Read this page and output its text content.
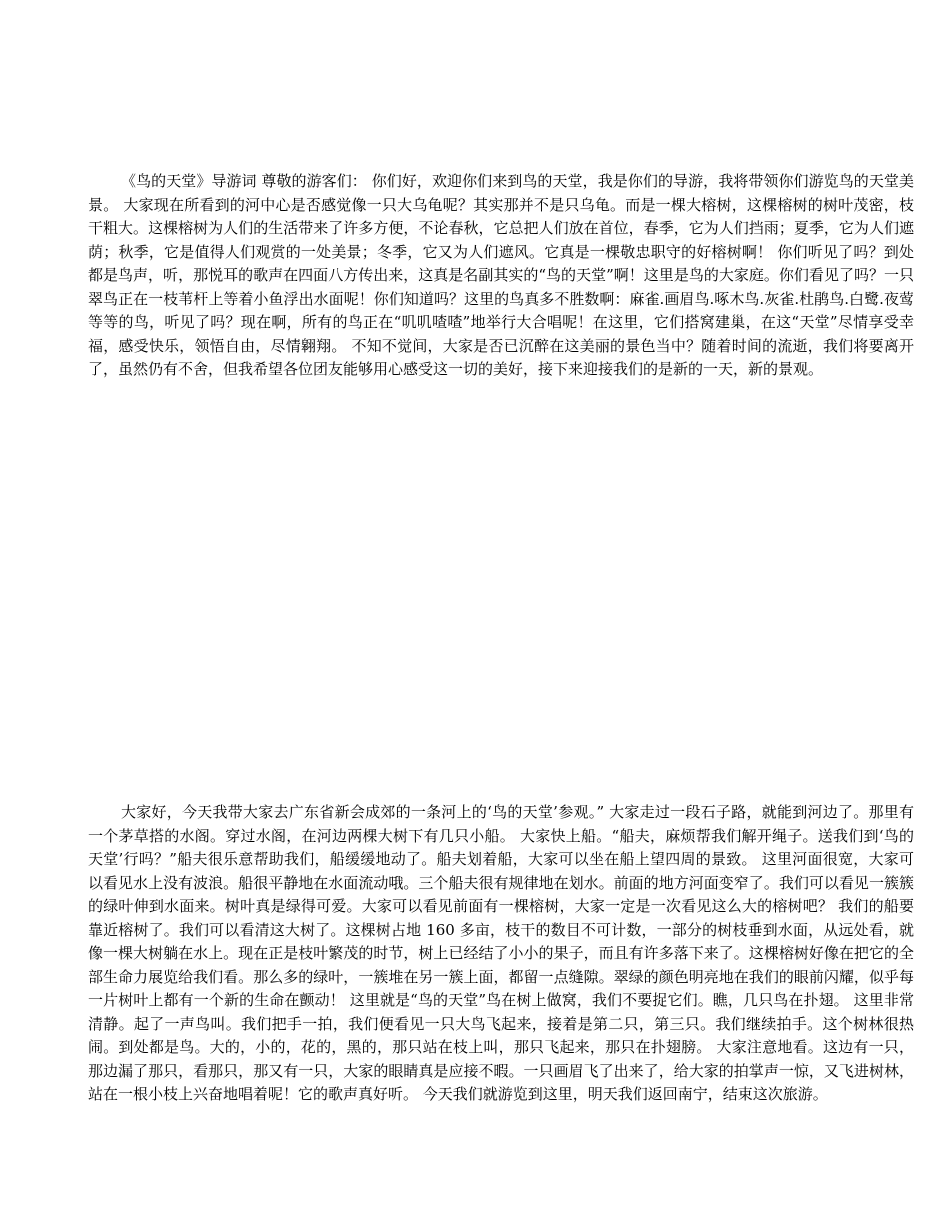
《鸟的天堂》导游词 尊敬的游客们： 你们好，欢迎你们来到鸟的天堂，我是你们的导游，我将带领你们游览鸟的天堂美景。 大家现在所看到的河中心是否感觉像一只大乌龟呢？其实那并不是只乌龟。而是一棵大榕树，这棵榕树的树叶茂密，枝干粗大。这棵榕树为人们的生活带来了许多方便，不论春秋，它总把人们放在首位，春季，它为人们挡雨；夏季，它为人们遮荫；秋季，它是值得人们观赏的一处美景；冬季，它又为人们遮风。它真是一棵敬忠职守的好榕树啊！ 你们听见了吗？到处都是鸟声，听，那悦耳的歌声在四面八方传出来，这真是名副其实的“鸟的天堂”啊！这里是鸟的大家庭。你们看见了吗？一只翠鸟正在一枝苇杆上等着小鱼浮出水面呢！你们知道吗？这里的鸟真多不胜数啊：麻雀.画眉鸟.啄木鸟.灰雀.杜鹃鸟.白鹭.夜莺等等的鸟，听见了吗？现在啊，所有的鸟正在“叽叽喳喳”地举行大合唱呢！在这里，它们搭窝建巢，在这“天堂”尽情享受幸福，感受快乐，领悟自由，尽情翱翔。 不知不觉间，大家是否已沉醉在这美丽的景色当中？随着时间的流逝，我们将要离开了，虽然仍有不舍，但我希望各位团友能够用心感受这一切的美好，接下来迎接我们的是新的一天，新的景观。

大家好，今天我带大家去广东省新会成郊的一条河上的‘鸟的天堂’参观。” 大家走过一段石子路，就能到河边了。那里有一个茅草搭的水阁。穿过水阁，在河边两棵大树下有几只小船。 大家快上船。“船夫，麻烦帮我们解开绳子。送我们到‘鸟的天堂’行吗？”船夫很乐意帮助我们，船缓缓地动了。船夫划着船，大家可以坐在船上望四周的景致。 这里河面很宽，大家可以看见水上没有波浪。船很平静地在水面流动哦。三个船夫很有规律地在划水。前面的地方河面变窄了。我们可以看见一簇簇的绿叶伸到水面来。树叶真是绿得可爱。大家可以看见前面有一棵榕树，大家一定是一次看见这么大的榕树吧？ 我们的船要靠近榕树了。我们可以看清这大树了。这棵树占地 160 多亩，枝干的数目不可计数，一部分的树枝垂到水面，从远处看，就像一棵大树躺在水上。现在正是枝叶繁茂的时节，树上已经结了小小的果子，而且有许多落下来了。这棵榕树好像在把它的全部生命力展览给我们看。那么多的绿叶，一簇堆在另一簇上面，都留一点缝隙。翠绿的颜色明亮地在我们的眼前闪耀，似乎每一片树叶上都有一个新的生命在颤动！ 这里就是“鸟的天堂”鸟在树上做窝，我们不要捉它们。瞧，几只鸟在扑翅。 这里非常清静。起了一声鸟叫。我们把手一拍，我们便看见一只大鸟飞起来，接着是第二只，第三只。我们继续拍手。这个树林很热闹。到处都是鸟。大的，小的，花的，黑的，那只站在枝上叫，那只飞起来，那只在扑翅膀。 大家注意地看。这边有一只，那边漏了那只，看那只，那又有一只，大家的眼睛真是应接不暇。一只画眉飞了出来了，给大家的拍掌声一惊，又飞进树林，站在一根小枝上兴奋地唱着呢！它的歌声真好听。 今天我们就游览到这里，明天我们返回南宁，结束这次旅游。
